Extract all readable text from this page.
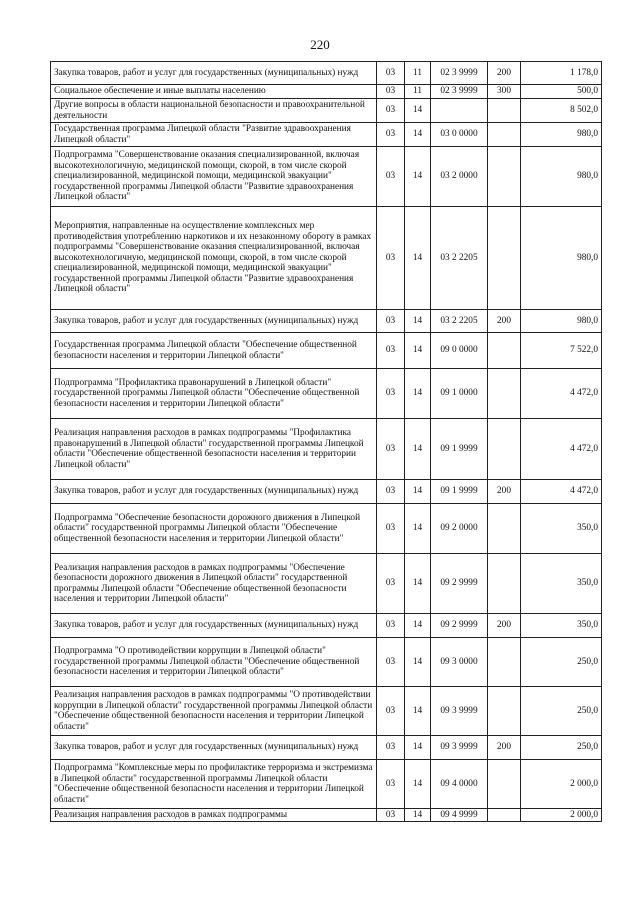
220
Закупка товаров, работ и услуг для государственных (муниципальных) нужд	03	11	02 3 9999	200	1 178,0
Социальное обеспечение и иные выплаты населению	03	11	02 3 9999	300	500,0
Другие вопросы в области национальной безопасности и правоохранительной деятельности	03	14			8 502,0
Государственная программа Липецкой области "Развитие здравоохранения Липецкой области"	03	14	03 0 0000		980,0
Подпрограмма "Совершенствование оказания специализированной, включая высокотехнологичную, медицинской помощи, скорой, в том числе скорой специализированной, медицинской помощи, медицинской эвакуации" государственной программы Липецкой области "Развитие здравоохранения Липецкой области"	03	14	03 2 0000		980,0
Мероприятия, направленные на осуществление комплексных мер противодействия употреблению наркотиков и их незаконному обороту в рамках подпрограммы "Совершенствование оказания специализированной, включая высокотехнологичную, медицинской помощи, скорой, в том числе скорой специализированной, медицинской помощи, медицинской эвакуации" государственной программы Липецкой области "Развитие здравоохранения Липецкой области"	03	14	03 2 2205		980,0
Закупка товаров, работ и услуг для государственных (муниципальных) нужд	03	14	03 2 2205	200	980,0
Государственная программа Липецкой области "Обеспечение общественной безопасности населения и территории Липецкой области"	03	14	09 0 0000		7 522,0
Подпрограмма "Профилактика правонарушений в Липецкой области" государственной программы Липецкой области "Обеспечение общественной безопасности населения и территории Липецкой области"	03	14	09 1 0000		4 472,0
Реализация направления расходов в рамках подпрограммы "Профилактика правонарушений в Липецкой области" государственной программы Липецкой области "Обеспечение общественной безопасности населения и территории Липецкой области"	03	14	09 1 9999		4 472,0
Закупка товаров, работ и услуг для государственных (муниципальных) нужд	03	14	09 1 9999	200	4 472,0
Подпрограмма "Обеспечение безопасности дорожного движения в Липецкой области" государственной программы Липецкой области "Обеспечение общественной безопасности населения и территории Липецкой области"	03	14	09 2 0000		350,0
Реализация направления расходов в рамках подпрограммы "Обеспечение безопасности дорожного движения в Липецкой области" государственной программы Липецкой области "Обеспечение общественной безопасности населения и территории Липецкой области"	03	14	09 2 9999		350,0
Закупка товаров, работ и услуг для государственных (муниципальных) нужд	03	14	09 2 9999	200	350,0
Подпрограмма "О противодействии коррупции в Липецкой области" государственной программы Липецкой области "Обеспечение общественной безопасности населения и территории Липецкой области"	03	14	09 3 0000		250,0
Реализация направления расходов в рамках подпрограммы "О противодействии коррупции в Липецкой области" государственной программы Липецкой области "Обеспечение общественной безопасности населения и территории Липецкой области"	03	14	09 3 9999		250,0
Закупка товаров, работ и услуг для государственных (муниципальных) нужд	03	14	09 3 9999	200	250,0
Подпрограмма "Комплексные меры по профилактике терроризма и экстремизма в Липецкой области" государственной программы Липецкой области "Обеспечение общественной безопасности населения и территории Липецкой области"	03	14	09 4 0000		2 000,0
Реализация направления расходов в рамках подпрограммы	03	14	09 4 9999		2 000,0
